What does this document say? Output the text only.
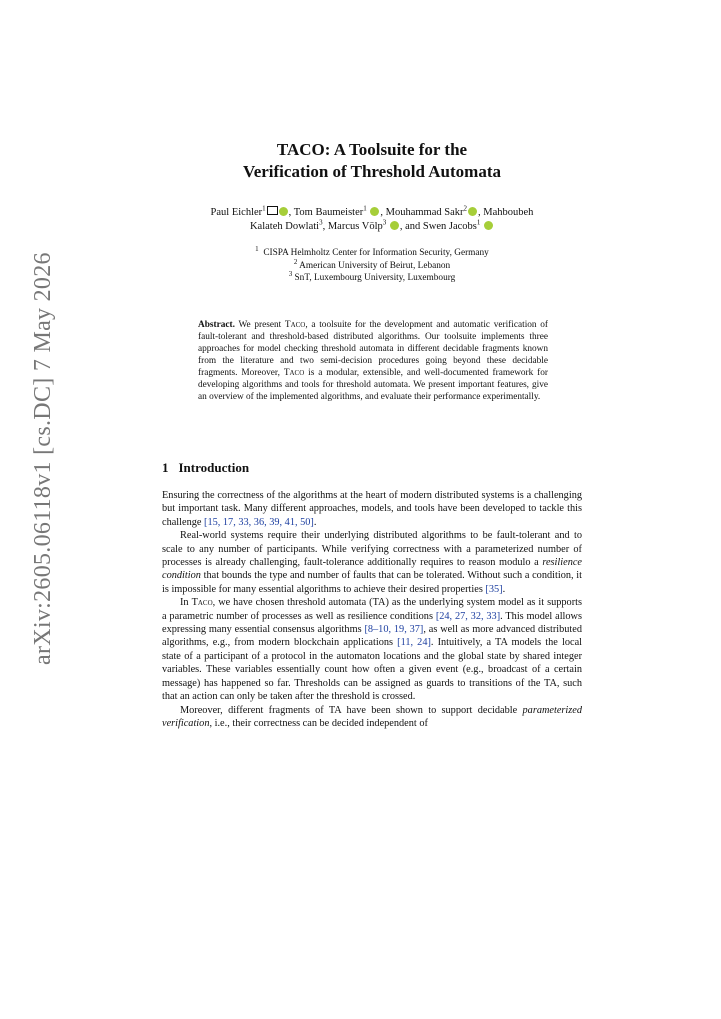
arXiv:2605.06118v1 [cs.DC] 7 May 2026
TACO: A Toolsuite for the
Verification of Threshold Automata
Paul Eichler$^1$ , Tom Baumeister$^1$ , Mouhammad Sakr$^2$ , Mahboubeh
Kalateh Dowlati$^3$, Marcus Völp$^3$ , and Swen Jacobs$^1$
$^1$ CISPA Helmholtz Center for Information Security, Germany
$^2$ American University of Beirut, Lebanon
$^3$ SnT, Luxembourg University, Luxembourg
Abstract. We present Taco, a toolsuite for the development and automatic verification of fault-tolerant and threshold-based distributed algorithms. Our toolsuite implements three approaches for model checking threshold automata in different decidable fragments known from the literature and two semi-decision procedures going beyond these decidable fragments. Moreover, Taco is a modular, extensible, and well-documented framework for developing algorithms and tools for threshold automata. We present important features, give an overview of the implemented algorithms, and evaluate their performance experimentally.
1 Introduction

Ensuring the correctness of the algorithms at the heart of modern distributed systems is a challenging but important task. Many different approaches, models, and tools have been developed to tackle this challenge [15, 17, 33, 36, 39, 41, 50].

Real-world systems require their underlying distributed algorithms to be fault-tolerant and to scale to any number of participants. While verifying correctness with a parameterized number of processes is already challenging, fault-tolerance additionally requires to reason modulo a resilience condition that bounds the type and number of faults that can be tolerated. Without such a condition, it is impossible for many essential algorithms to achieve their desired properties [35].

In Taco, we have chosen threshold automata (TA) as the underlying system model as it supports a parametric number of processes as well as resilience conditions [24, 27, 32, 33]. This model allows expressing many essential consensus algorithms [8–10, 19, 37], as well as more advanced distributed algorithms, e.g., from modern blockchain applications [11, 24]. Intuitively, a TA models the local state of a participant of a protocol in the automaton locations and the global state by shared integer variables. These variables essentially count how often a given event (e.g., broadcast of a certain message) has happened so far. Thresholds can be assigned as guards to transitions of the TA, such that an action can only be taken after the threshold is crossed.

Moreover, different fragments of TA have been shown to support decidable parameterized verification, i.e., their correctness can be decided independent of
